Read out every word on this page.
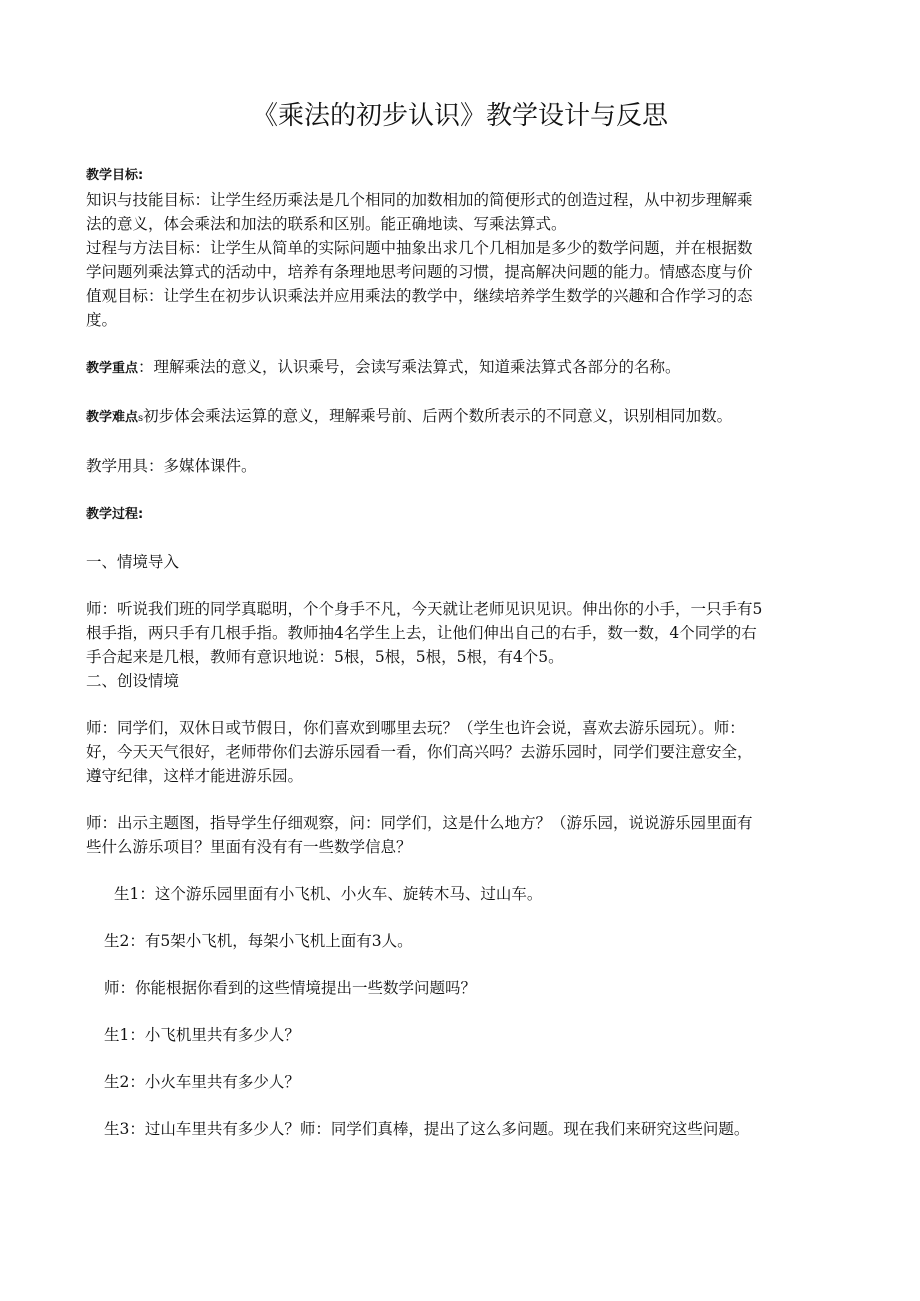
《乘法的初步认识》教学设计与反思

教学目标:

知识与技能目标：让学生经历乘法是几个相同的加数相加的简便形式的创造过程，从中初步理解乘

法的意义，体会乘法和加法的联系和区别。能正确地读、写乘法算式。

过程与方法目标：让学生从简单的实际问题中抽象出求几个几相加是多少的数学问题，并在根据数

学问题列乘法算式的活动中，培养有条理地思考问题的习惯，提高解决问题的能力。情感态度与价

值观目标：让学生在初步认识乘法并应用乘法的教学中，继续培养学生数学的兴趣和合作学习的态

度。

教学重点：理解乘法的意义，认识乘号，会读写乘法算式，知道乘法算式各部分的名称。

教学难点s初步体会乘法运算的意义，理解乘号前、后两个数所表示的不同意义，识别相同加数。

教学用具：多媒体课件。

教学过程:

一、情境导入

师：听说我们班的同学真聪明，个个身手不凡，今天就让老师见识见识。伸出你的小手，一只手有5

根手指，两只手有几根手指。教师抽4名学生上去，让他们伸出自己的右手，数一数，4个同学的右

手合起来是几根，教师有意识地说：5根，5根，5根，5根，有4个5。

二、创设情境

师：同学们，双休日或节假日，你们喜欢到哪里去玩？（学生也许会说，喜欢去游乐园玩）。师：

好，今天天气很好，老师带你们去游乐园看一看，你们高兴吗？去游乐园时，同学们要注意安全，

遵守纪律，这样才能进游乐园。

师：出示主题图，指导学生仔细观察，问：同学们，这是什么地方？（游乐园，说说游乐园里面有

些什么游乐项目？里面有没有有一些数学信息？

生1：这个游乐园里面有小飞机、小火车、旋转木马、过山车。

生2：有5架小飞机，每架小飞机上面有3人。

师：你能根据你看到的这些情境提出一些数学问题吗？

生1：小飞机里共有多少人？

生2：小火车里共有多少人？

生3：过山车里共有多少人？师：同学们真棒，提出了这么多问题。现在我们来研究这些问题。
